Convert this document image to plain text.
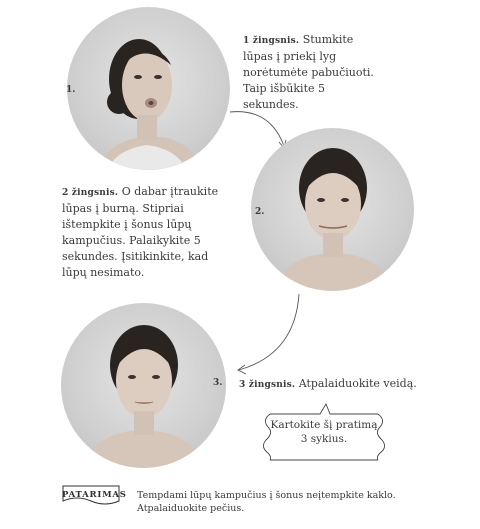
1.
1 žingsnis. Stumkite lūpas į priekį lyg norėtumėte pabučiuoti. Taip išbūkite 5 sekundes.
2.
2 žingsnis. O dabar įtraukite lūpas į burną. Stipriai ištempkite į šonus lūpų kampučius. Palaikykite 5 sekundes. Įsitikinkite, kad lūpų nesimato.
3. 3 žingsnis. Atpalaiduokite veidą.
Kartokite šį pratimą
3 sykius.
PATARIMAS Tempdami lūpų kampučius į šonus neįtempkite kaklo.
Atpalaiduokite pečius.
